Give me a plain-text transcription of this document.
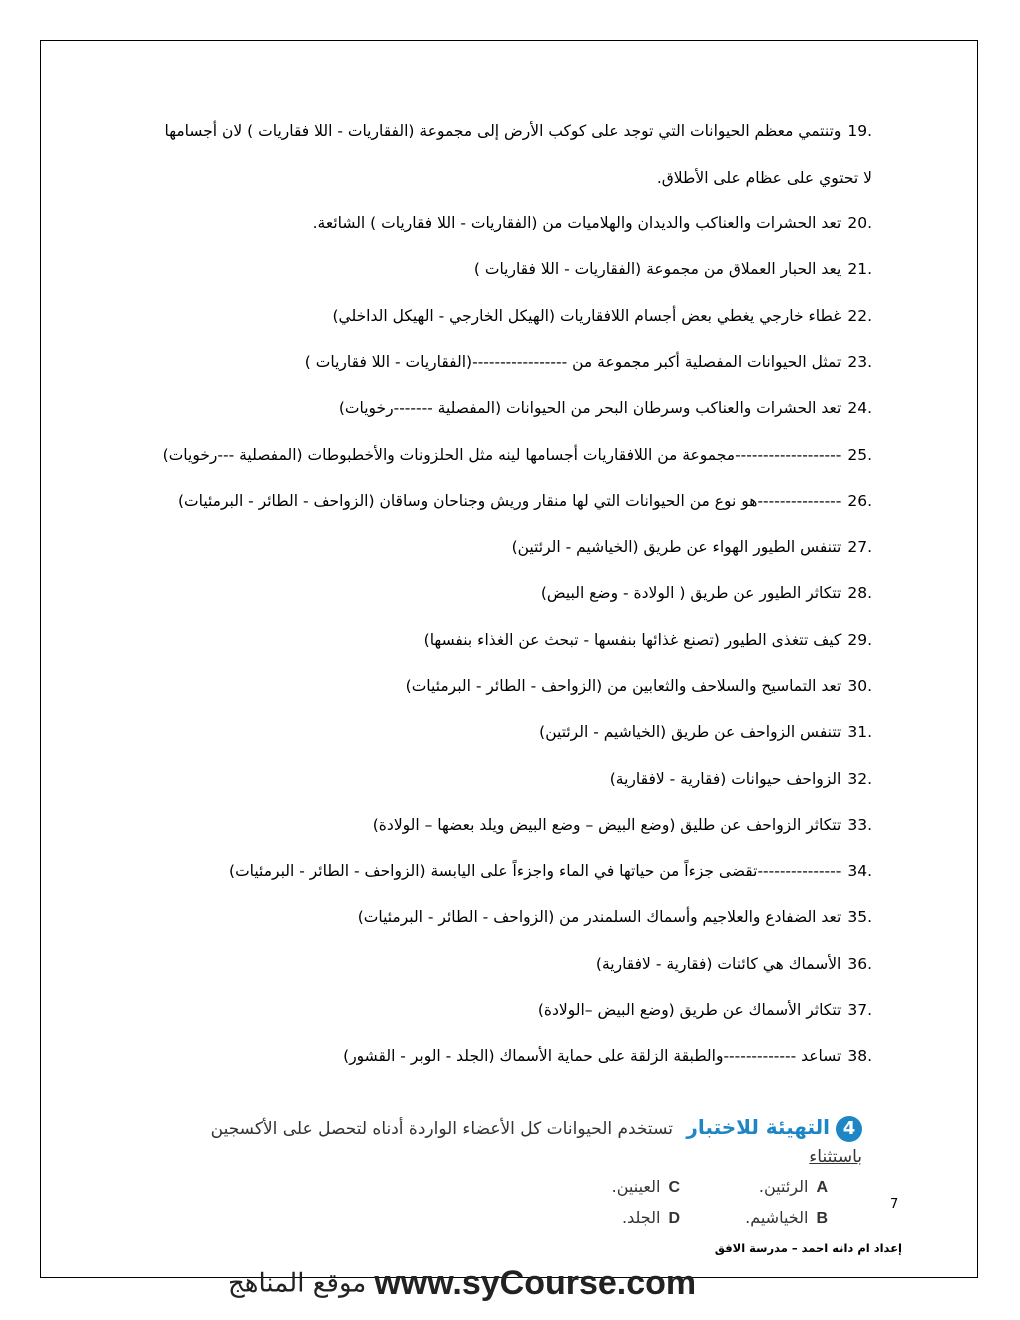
19.وتنتمي معظم الحيوانات التي توجد على كوكب الأرض إلى مجموعة (الفقاريات - اللا فقاريات ) لان أجسامها لا تحتوي على عظام على الأطلاق.
20.تعد الحشرات والعناكب والديدان والهلاميات من (الفقاريات - اللا فقاريات ) الشائعة.
21.يعد الحبار العملاق من مجموعة (الفقاريات - اللا فقاريات )
22.غطاء خارجي يغطي بعض أجسام اللافقاريات (الهيكل الخارجي - الهيكل الداخلي)
23.تمثل الحيوانات المفصلية أكبر مجموعة من -----------------(الفقاريات - اللا فقاريات )
24.تعد الحشرات والعناكب وسرطان البحر من الحيوانات (المفصلية -------رخويات)
25.-------------------مجموعة من اللافقاريات أجسامها لينه مثل الحلزونات والأخطبوطات (المفصلية ---رخويات)
26.---------------هو نوع من الحيوانات التي لها منقار وريش وجناحان وساقان (الزواحف - الطائر - البرمئيات)
27.تتنفس الطيور الهواء عن طريق (الخياشيم - الرئتين)
28.تتكاثر الطيور عن طريق ( الولادة - وضع البيض)
29.كيف تتغذى الطيور (تصنع غذائها بنفسها - تبحث عن الغذاء بنفسها)
30.تعد التماسيح والسلاحف والثعابين من (الزواحف - الطائر - البرمئيات)
31.تتنفس الزواحف عن طريق (الخياشيم - الرئتين)
32.الزواحف حيوانات (فقارية - لافقارية)
33.تتكاثر الزواحف عن طليق (وضع البيض – وضع البيض ويلد بعضها – الولادة)
34.---------------تقضى جزءاً من حياتها في الماء واجزءاً على اليابسة (الزواحف - الطائر - البرمئيات)
35.تعد الضفادع والعلاجيم وأسماك السلمندر من (الزواحف - الطائر - البرمئيات)
36.الأسماك هي كائنات (فقارية - لافقارية)
37.تتكاثر الأسماك عن طريق (وضع البيض –الولادة)
38.تساعد -------------والطبقة الزلقة على حماية الأسماك (الجلد - الوبر - القشور)
4التهيئة للاختبار تستخدم الحيوانات كل الأعضاء الواردة أدناه لتحصل على الأكسجين باستثناء
Aالرئتين.
Cالعينين.
Bالخياشيم.
Dالجلد.
7
إعداد ام دانه احمد – مدرسة الافق
موقع المناهج www.syCourse.com
